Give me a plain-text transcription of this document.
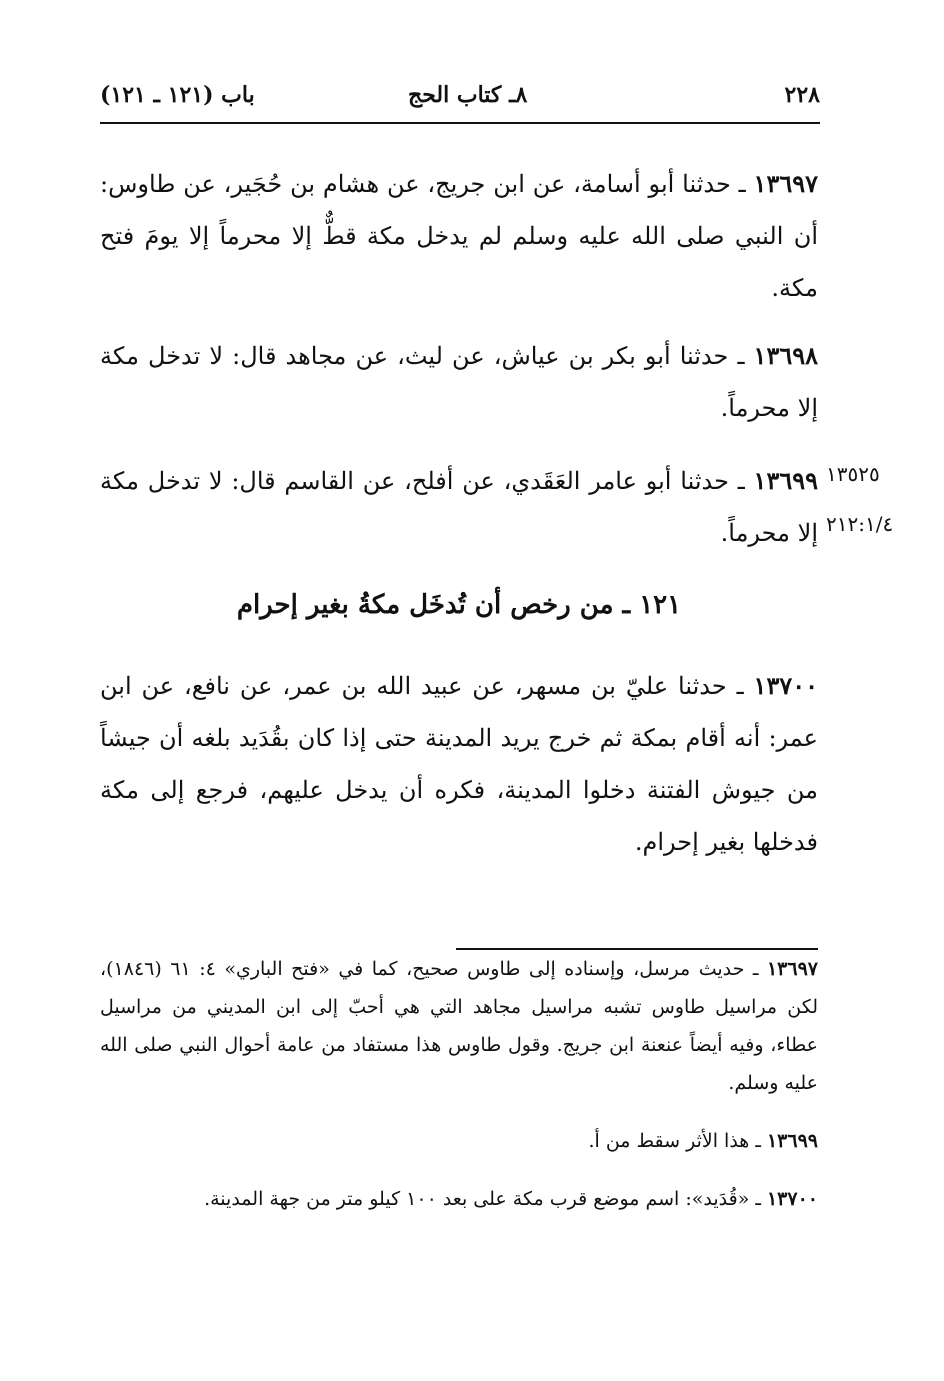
٢٢٨
٨ـ كتاب الحج
باب (١٢١ ـ ١٢١)
١٣٦٩٧ ـ حدثنا أبو أسامة، عن ابن جريج، عن هشام بن حُجَير، عن طاوس: أن النبي صلى الله عليه وسلم لم يدخل مكة قطٌّ إلا محرماً إلا يومَ فتح مكة.
١٣٦٩٨ ـ حدثنا أبو بكر بن عياش، عن ليث، عن مجاهد قال: لا تدخل مكة إلا محرماً.
١٣٦٩٩ ـ حدثنا أبو عامر العَقَدي، عن أفلح، عن القاسم قال: لا تدخل مكة إلا محرماً.
١٣٥٢٥
٢١٢:١/٤
١٢١ ـ من رخص أن تُدخَل مكةُ بغير إحرام
١٣٧٠٠ ـ حدثنا عليّ بن مسهر، عن عبيد الله بن عمر، عن نافع، عن ابن عمر: أنه أقام بمكة ثم خرج يريد المدينة حتى إذا كان بقُدَيد بلغه أن جيشاً من جيوش الفتنة دخلوا المدينة، فكره أن يدخل عليهم، فرجع إلى مكة فدخلها بغير إحرام.
١٣٦٩٧ ـ حديث مرسل، وإسناده إلى طاوس صحيح، كما في «فتح الباري» ٤: ٦١ (١٨٤٦)، لكن مراسيل طاوس تشبه مراسيل مجاهد التي هي أحبّ إلى ابن المديني من مراسيل عطاء، وفيه أيضاً عنعنة ابن جريج. وقول طاوس هذا مستفاد من عامة أحوال النبي صلى الله عليه وسلم.
١٣٦٩٩ ـ هذا الأثر سقط من أ.
١٣٧٠٠ ـ «قُدَيد»: اسم موضع قرب مكة على بعد ١٠٠ كيلو متر من جهة المدينة.
